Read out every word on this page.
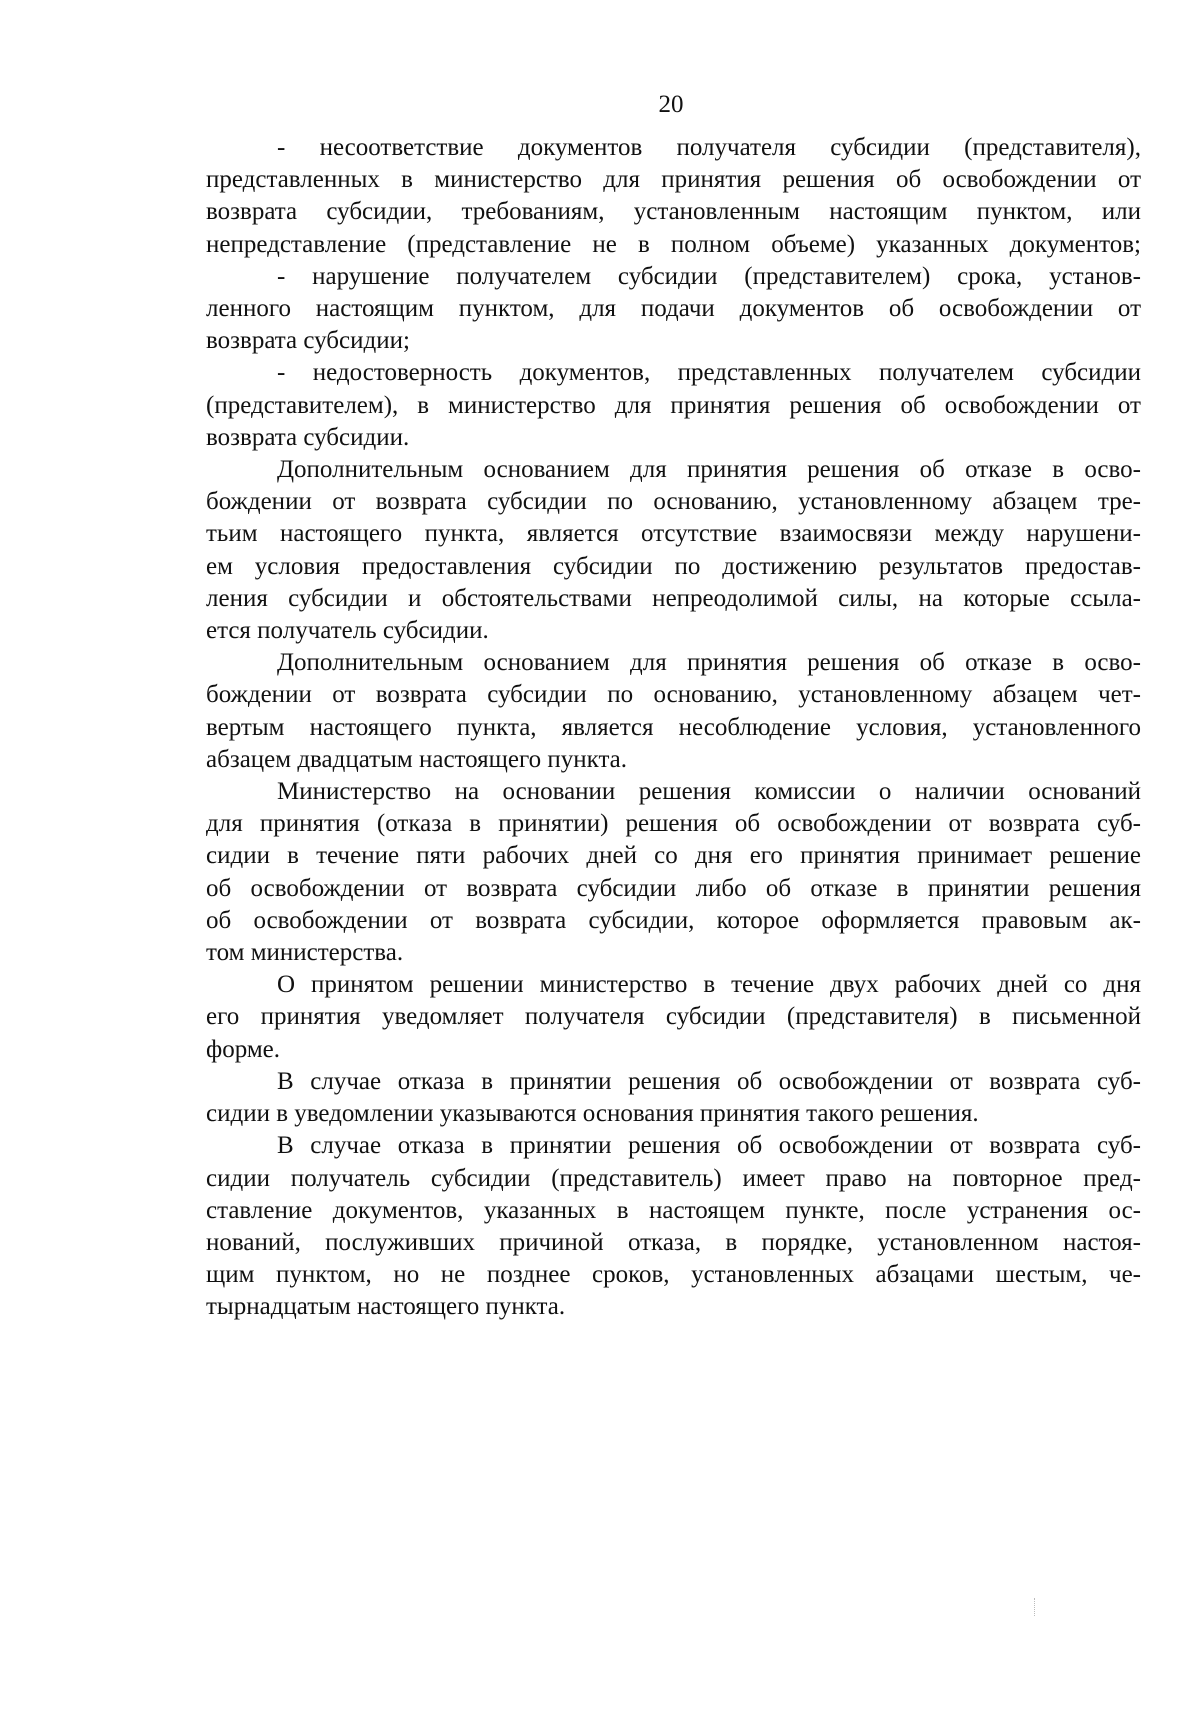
20
- несоответствие документов получателя субсидии (представителя),
представленных в министерство для принятия решения об освобождении от
возврата субсидии, требованиям, установленным настоящим пунктом, или
непредставление (представление не в полном объеме) указанных документов;
- нарушение получателем субсидии (представителем) срока, установ-
ленного настоящим пунктом, для подачи документов об освобождении от
возврата субсидии;
- недостоверность документов, представленных получателем субсидии
(представителем), в министерство для принятия решения об освобождении от
возврата субсидии.
Дополнительным основанием для принятия решения об отказе в осво-
бождении от возврата субсидии по основанию, установленному абзацем тре-
тьим настоящего пункта, является отсутствие взаимосвязи между нарушени-
ем условия предоставления субсидии по достижению результатов предостав-
ления субсидии и обстоятельствами непреодолимой силы, на которые ссыла-
ется получатель субсидии.
Дополнительным основанием для принятия решения об отказе в осво-
бождении от возврата субсидии по основанию, установленному абзацем чет-
вертым настоящего пункта, является несоблюдение условия, установленного
абзацем двадцатым настоящего пункта.
Министерство на основании решения комиссии о наличии оснований
для принятия (отказа в принятии) решения об освобождении от возврата суб-
сидии в течение пяти рабочих дней со дня его принятия принимает решение
об освобождении от возврата субсидии либо об отказе в принятии решения
об освобождении от возврата субсидии, которое оформляется правовым ак-
том министерства.
О принятом решении министерство в течение двух рабочих дней со дня
его принятия уведомляет получателя субсидии (представителя) в письменной
форме.
В случае отказа в принятии решения об освобождении от возврата суб-
сидии в уведомлении указываются основания принятия такого решения.
В случае отказа в принятии решения об освобождении от возврата суб-
сидии получатель субсидии (представитель) имеет право на повторное пред-
ставление документов, указанных в настоящем пункте, после устранения ос-
нований, послуживших причиной отказа, в порядке, установленном настоя-
щим пунктом, но не позднее сроков, установленных абзацами шестым, че-
тырнадцатым настоящего пункта.
